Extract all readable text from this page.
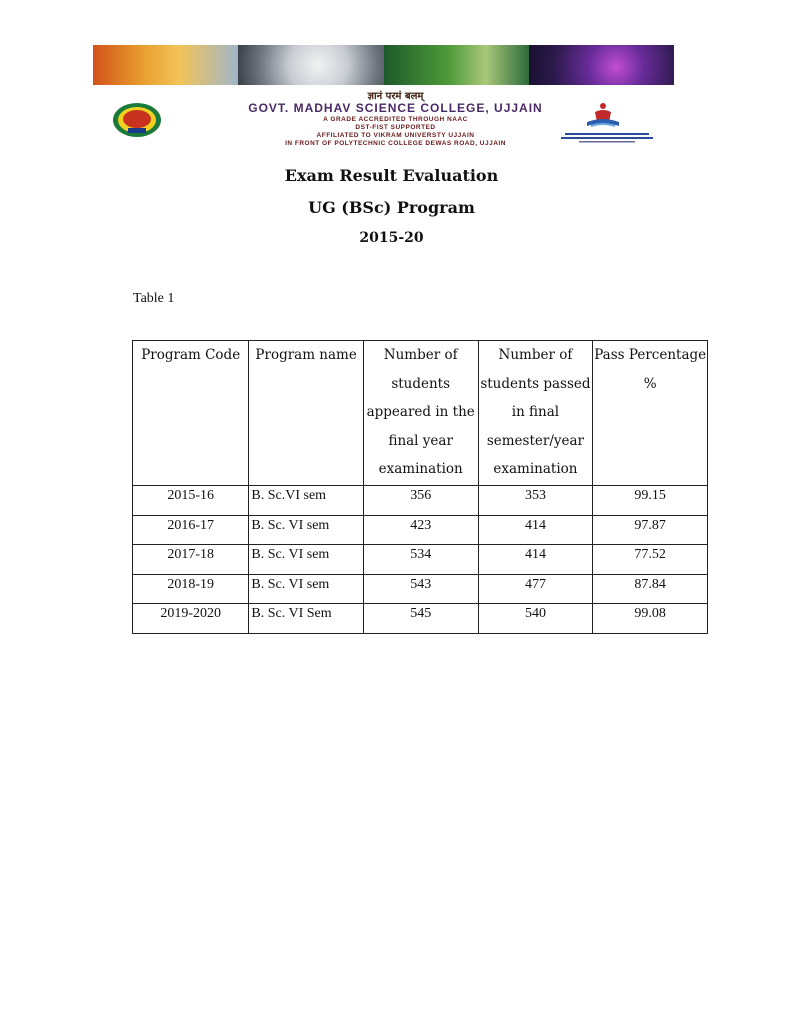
ज्ञानं परमं बलम्
GOVT. MADHAV SCIENCE COLLEGE, UJJAIN
A GRADE ACCREDITED THROUGH NAAC
DST-FIST SUPPORTED
AFFILIATED TO VIKRAM UNIVERSTY UJJAIN
IN FRONT OF POLYTECHNIC COLLEGE DEWAS ROAD, UJJAIN
Exam Result Evaluation
UG (BSc) Program
2015-20
Table 1
Program Code	Program name	Number of students appeared in the final year examination	Number of students passed in final semester/year examination	Pass Percentage %
2015-16	B. Sc.VI sem	356	353	99.15
2016-17	B. Sc. VI sem	423	414	97.87
2017-18	B. Sc. VI sem	534	414	77.52
2018-19	B. Sc. VI sem	543	477	87.84
2019-2020	B. Sc. VI Sem	545	540	99.08
